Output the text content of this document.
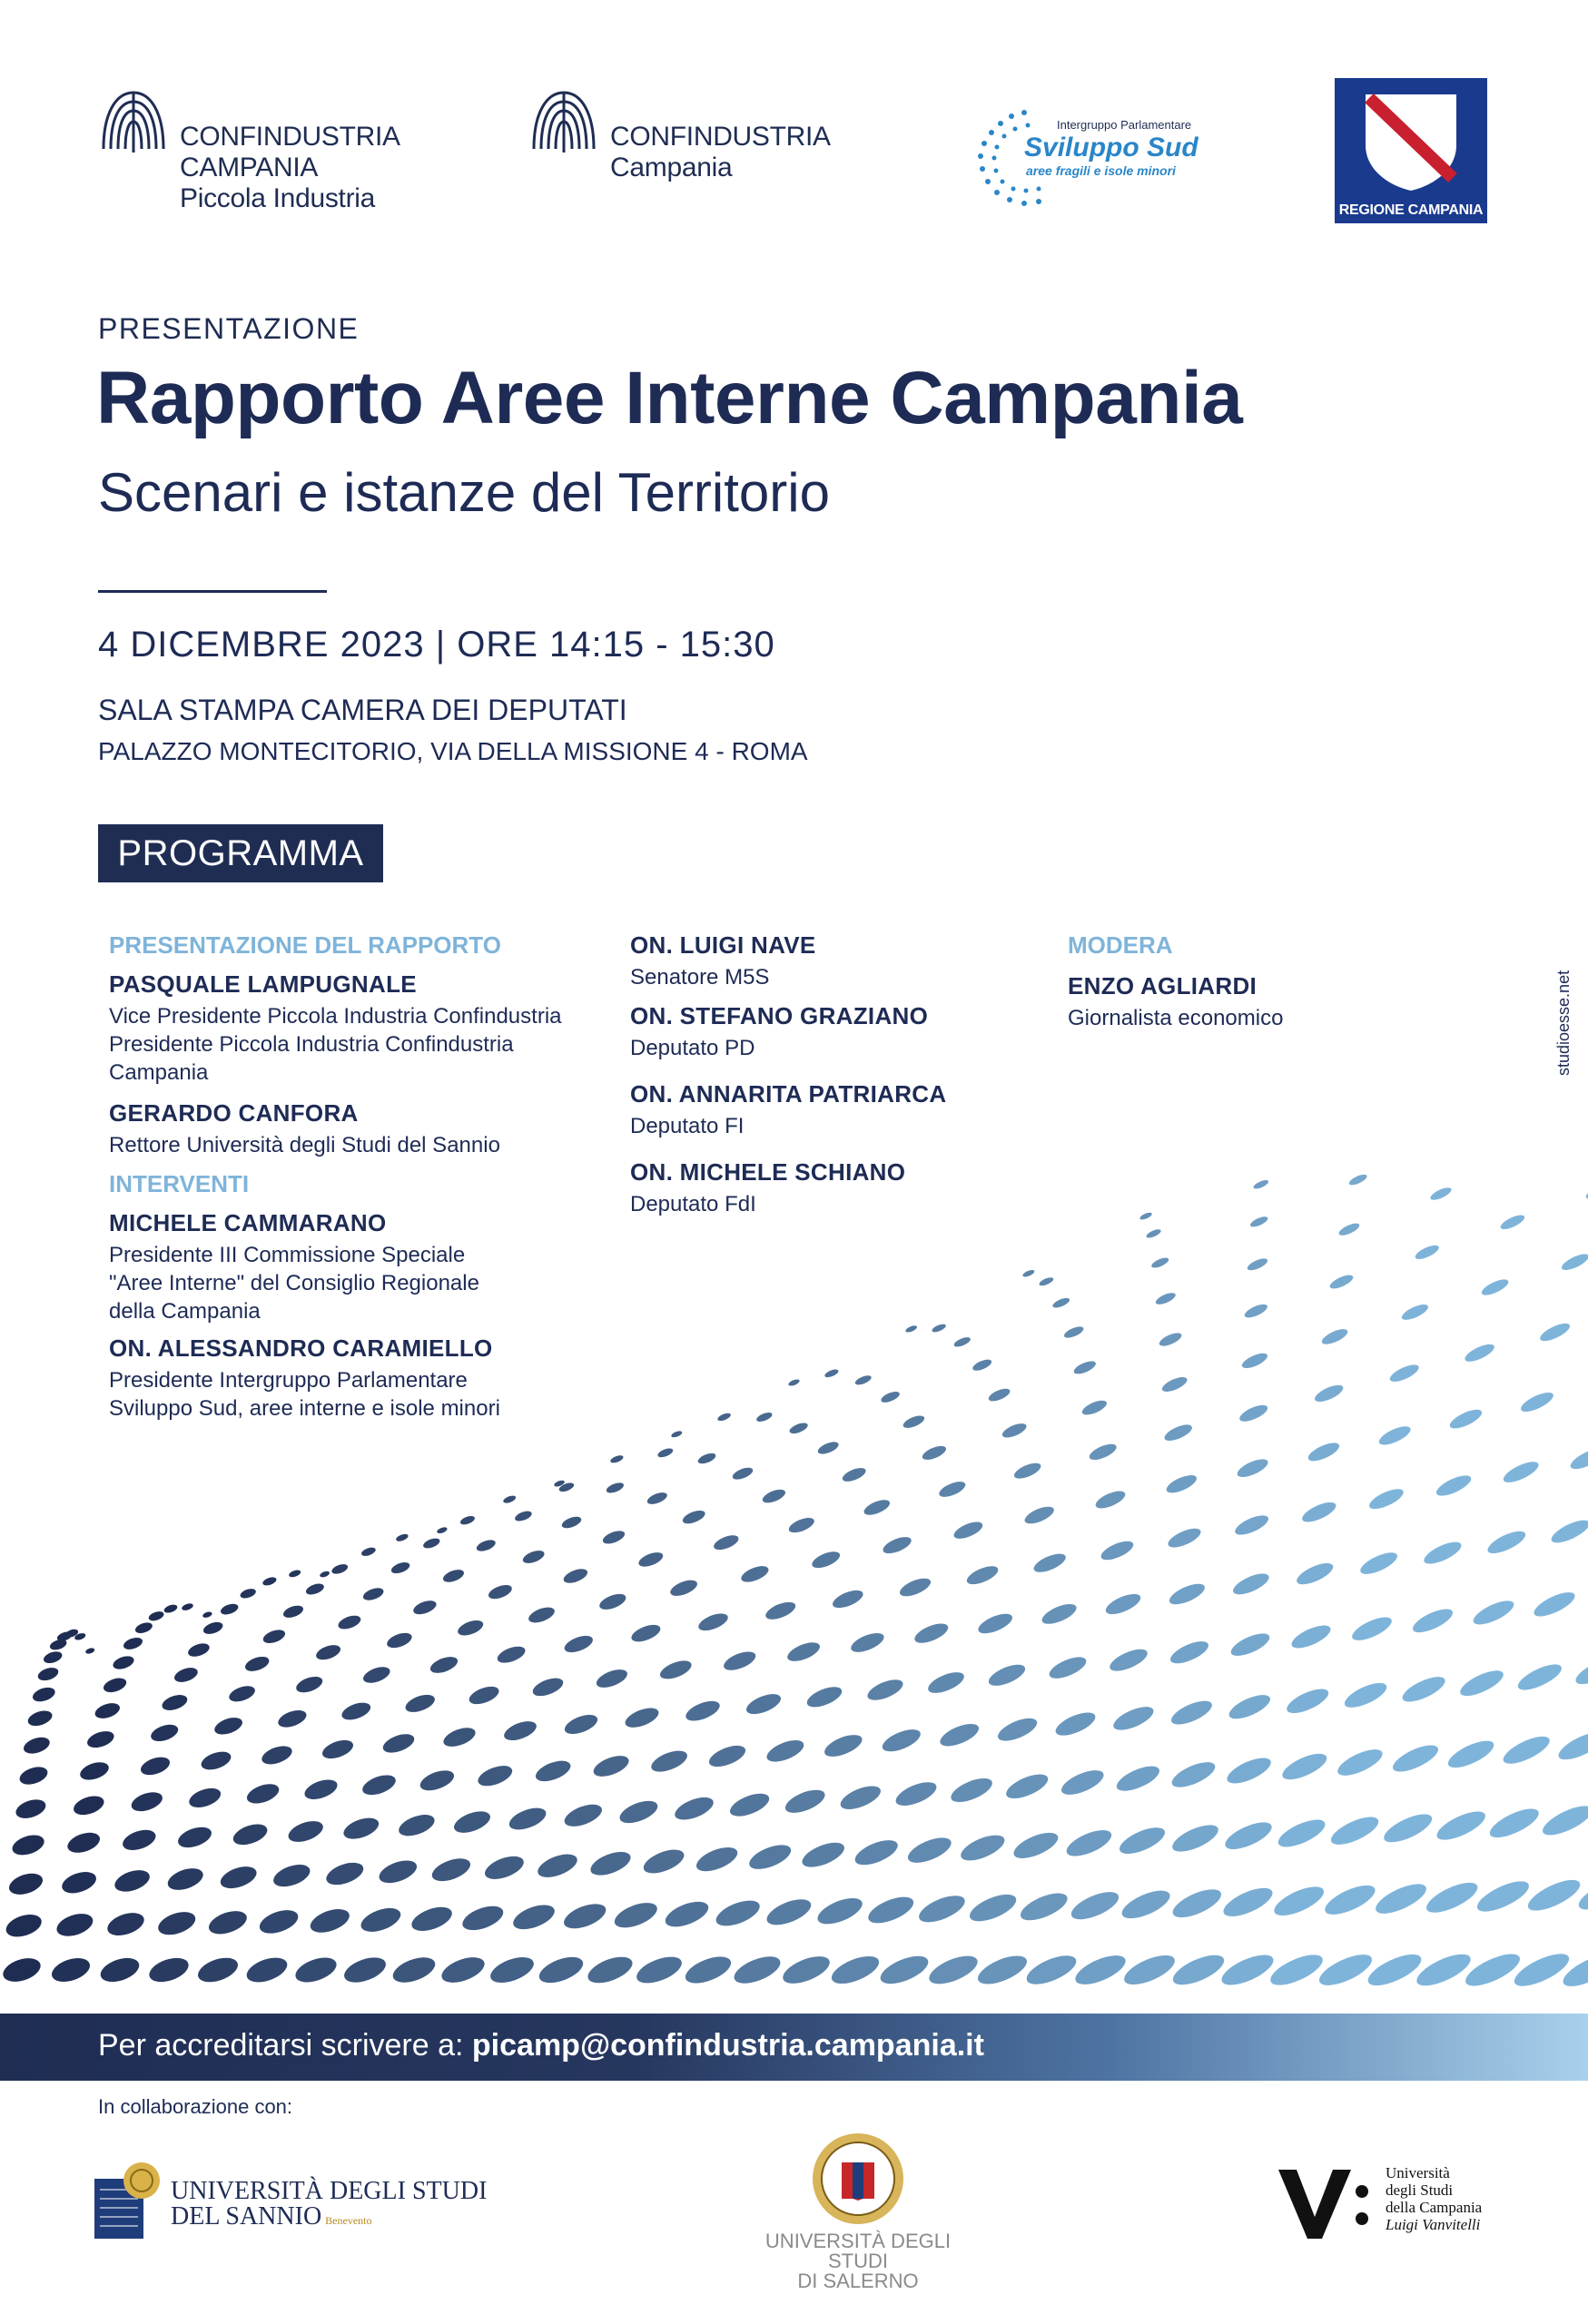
CONFINDUSTRIA
CAMPANIA
Piccola Industria
CONFINDUSTRIA
Campania
Intergruppo Parlamentare
Sviluppo Sud
aree fragili e isole minori
REGIONE CAMPANIA
PRESENTAZIONE
Rapporto Aree Interne Campania
Scenari e istanze del Territorio
4 DICEMBRE 2023 | ORE 14:15 - 15:30
SALA STAMPA CAMERA DEI DEPUTATI
PALAZZO MONTECITORIO, VIA DELLA MISSIONE 4 - ROMA
PROGRAMMA
PRESENTAZIONE DEL RAPPORTO
PASQUALE LAMPUGNALE
Vice Presidente Piccola Industria Confindustria
Presidente Piccola Industria Confindustria
Campania
GERARDO CANFORA
Rettore Università degli Studi del Sannio
INTERVENTI
MICHELE CAMMARANO
Presidente III Commissione Speciale
"Aree Interne" del Consiglio Regionale
della Campania
ON. ALESSANDRO CARAMIELLO
Presidente Intergruppo Parlamentare
Sviluppo Sud, aree interne e isole minori
ON. LUIGI NAVE
Senatore M5S
ON. STEFANO GRAZIANO
Deputato PD
ON. ANNARITA PATRIARCA
Deputato FI
ON. MICHELE SCHIANO
Deputato FdI
MODERA
ENZO AGLIARDI
Giornalista economico	studioesse.net
Per accreditarsi scrivere a: picamp@confindustria.campania.it
In collaborazione con:
UNIVERSITÀ DEGLI STUDI
DEL SANNIO Benevento
UNIVERSITÀ DEGLI STUDI
DI SALERNO
Università
degli Studi
della Campania
Luigi Vanvitelli
